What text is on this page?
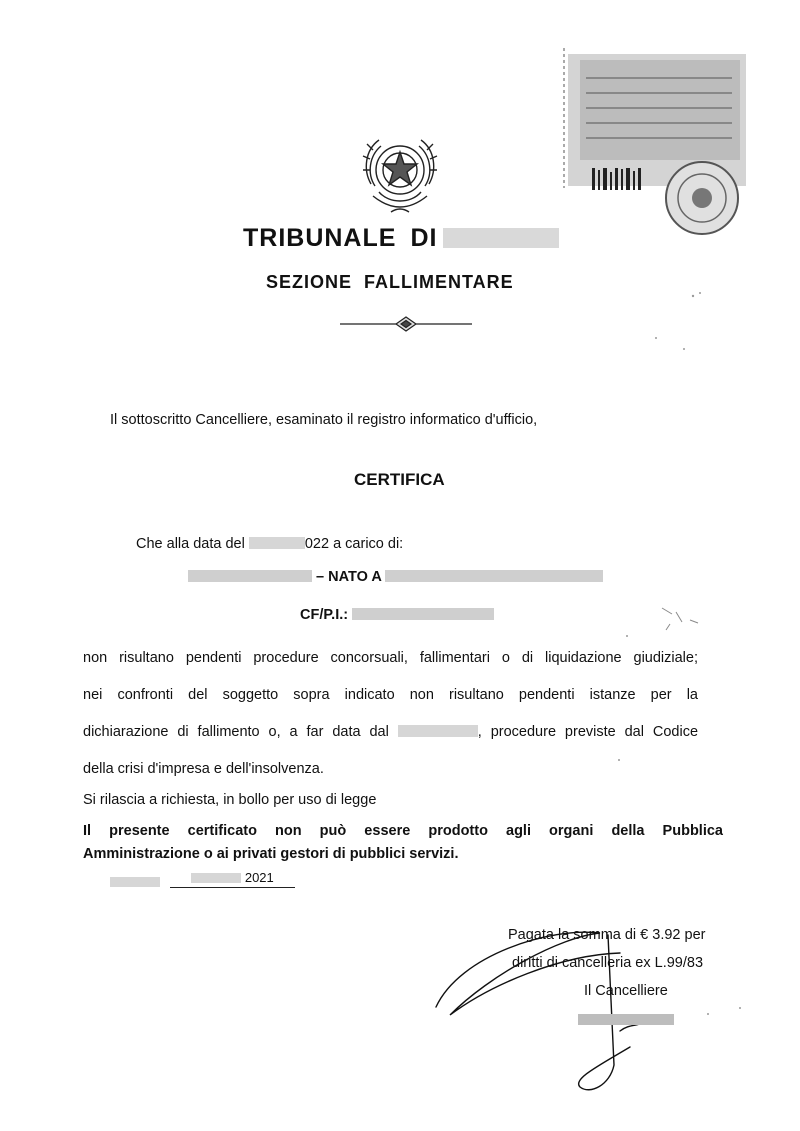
TRIBUNALE DI
SEZIONE FALLIMENTARE
Il sottoscritto Cancelliere, esaminato il registro informatico d'ufficio,
CERTIFICA
Che alla data del	022 a carico di:
– NATO A
CF/P.I.:
non risultano pendenti procedure concorsuali, fallimentari o di liquidazione giudiziale;
nei confronti del soggetto sopra indicato non risultano pendenti istanze per la
dichiarazione di fallimento o, a far data dal	, procedure previste dal Codice
della crisi d'impresa e dell'insolvenza.
Si rilascia a richiesta, in bollo per uso di legge
Il presente certificato non può essere prodotto agli organi della Pubblica
Amministrazione o ai privati gestori di pubblici servizi.
2021
Pagata la somma di € 3.92 per
diritti di cancelleria ex L.99/83
Il Cancelliere
